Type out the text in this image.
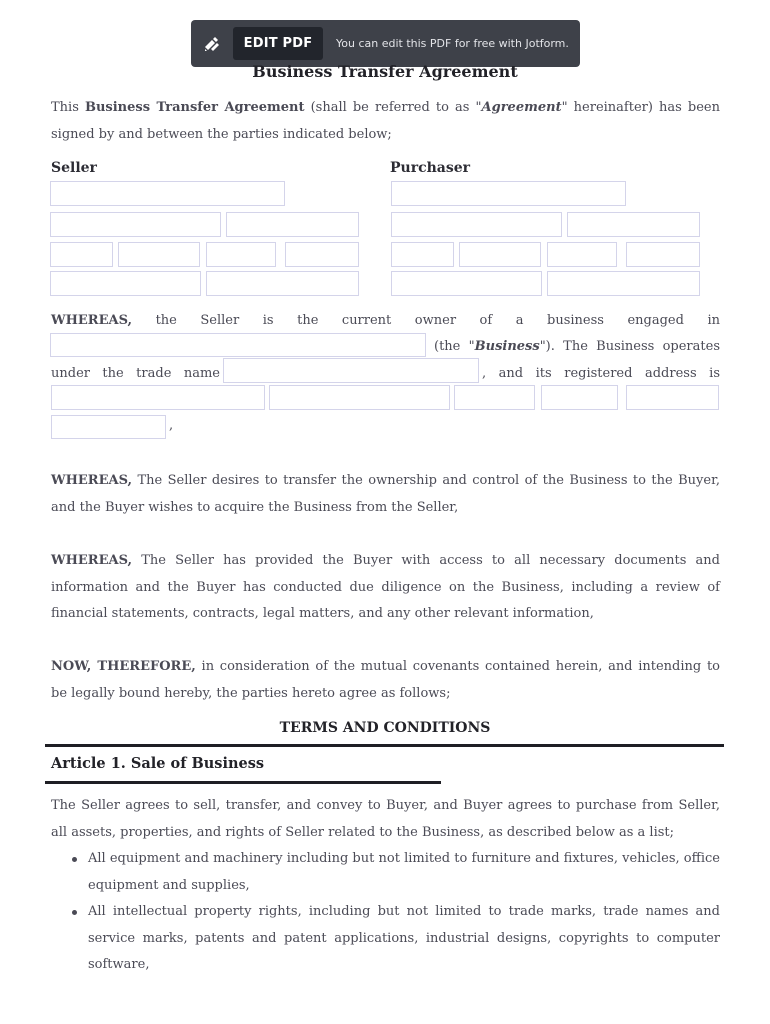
EDIT PDF	You can edit this PDF for free with Jotform.
Business Transfer Agreement
This Business Transfer Agreement (shall be referred to as "Agreement" hereinafter) has been signed by and between the parties indicated below;
Seller	Purchaser
WHEREAS, the Seller is the current owner of a business engaged in
(the "Business"). The Business operates
under the trade name	, and its registered address is
,
WHEREAS, The Seller desires to transfer the ownership and control of the Business to the Buyer, and the Buyer wishes to acquire the Business from the Seller,
WHEREAS, The Seller has provided the Buyer with access to all necessary documents and information and the Buyer has conducted due diligence on the Business, including a review of financial statements, contracts, legal matters, and any other relevant information,
NOW, THEREFORE, in consideration of the mutual covenants contained herein, and intending to be legally bound hereby, the parties hereto agree as follows;
TERMS AND CONDITIONS
Article 1. Sale of Business
The Seller agrees to sell, transfer, and convey to Buyer, and Buyer agrees to purchase from Seller, all assets, properties, and rights of Seller related to the Business, as described below as a list;
All equipment and machinery including but not limited to furniture and fixtures, vehicles, office equipment and supplies,
All intellectual property rights, including but not limited to trade marks, trade names and service marks, patents and patent applications, industrial designs, copyrights to computer software,
